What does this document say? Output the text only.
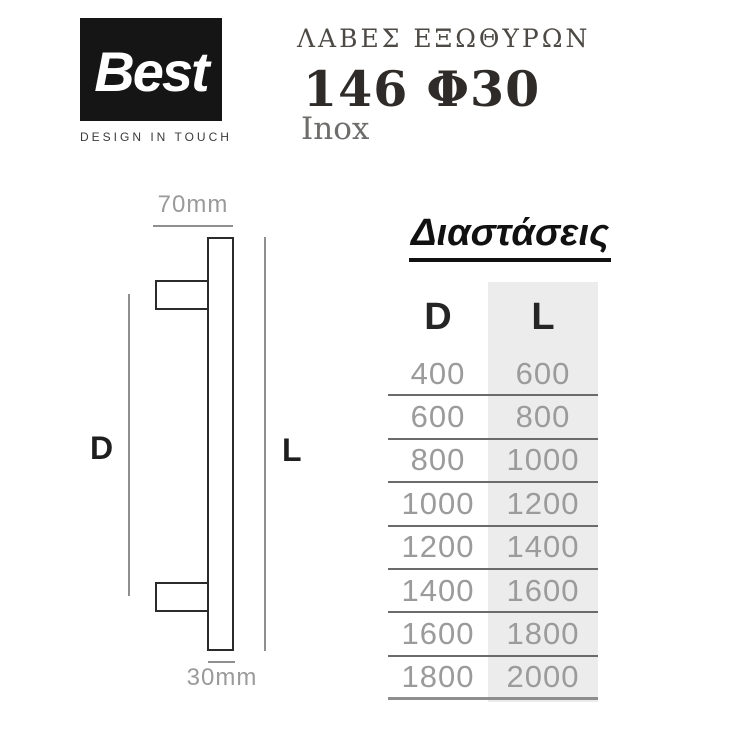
Best
DESIGN IN TOUCH
ΛΑΒΕΣ ΕΞΩΘΥΡΩΝ
146 Φ30
Inox
70mm
D	L
30mm
Διαστάσεις
D	L
400	600
600	800
800	1000
1000	1200
1200	1400
1400	1600
1600	1800
1800	2000
